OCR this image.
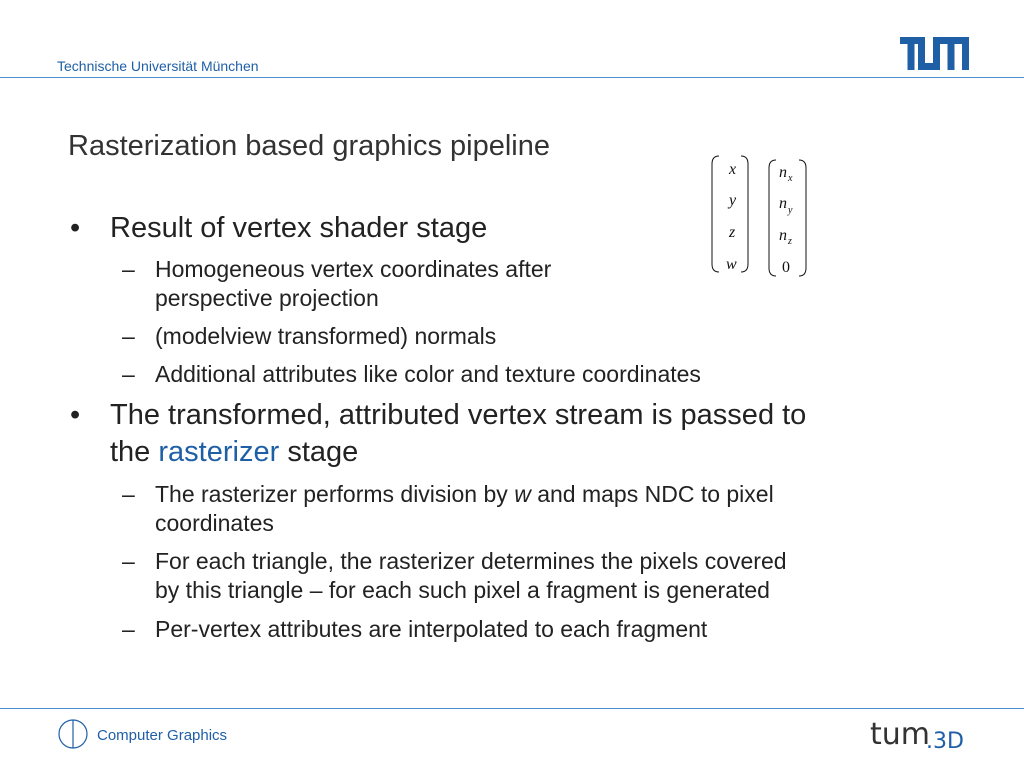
Technische Universität München
Rasterization based graphics pipeline
x
y
z
w
n x
n y
n z
0
•	Result of vertex shader stage
– Homogeneous vertex coordinates after
perspective projection
– (modelview transformed) normals
– Additional attributes like color and texture coordinates
•	The transformed, attributed vertex stream is passed to
the rasterizer stage
– The rasterizer performs division by w and maps NDC to pixel
coordinates
– For each triangle, the rasterizer determines the pixels covered
by this triangle – for each such pixel a fragment is generated
– Per-vertex attributes are interpolated to each fragment
Computer Graphics	tum
.3D
